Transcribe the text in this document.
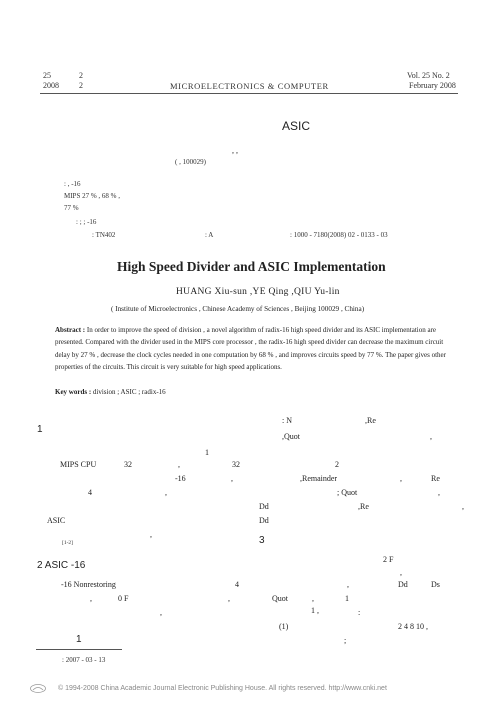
25	2
2008	2	MICROELECTRONICS & COMPUTER
Vol. 25 No. 2
February 2008
ASIC
, ,
( , 100029)
: , -16
MIPS 27 % , 68 % ,
77 %
: ; ; -16
: TN402	: A	: 1000 - 7180(2008) 02 - 0133 - 03
High Speed Divider and ASIC Implementation
HUANG Xiu-sun ,YE Qing ,QIU Yu-lin
( Institute of Microelectronics , Chinese Academy of Sciences , Beijing 100029 , China)
Abstract : In order to improve the speed of division , a novel algorithm of radix-16 high speed divider and its ASIC implementation are presented. Compared with the divider used in the MIPS core processor , the radix-16 high speed divider can decrease the maximum circuit delay by 27 % , decrease the clock cycles needed in one computation by 68 % , and improves circuits speed by 77 %. The paper gives other properties of the circuits. This circuit is very suitable for high speed applications.
Key words : division ; ASIC ; radix-16
1
: N	,Re
,Quot	,
1
MIPS CPU	32	,	32	2
-16	,	,Remainder	,	Re
4	,	; Quot	,
Dd	,Re	,
ASIC	Dd
[1-2]
,
3
2 ASIC -16
2 F
,
-16 Nonrestoring	4	,	Dd	Ds
,	0 F	,	Quot	,	1
,	1 ,	:
(1)	2 4 8 10 ,
1	;
: 2007 - 03 - 13
© 1994-2008 China Academic Journal Electronic Publishing House. All rights reserved. http://www.cnki.net
